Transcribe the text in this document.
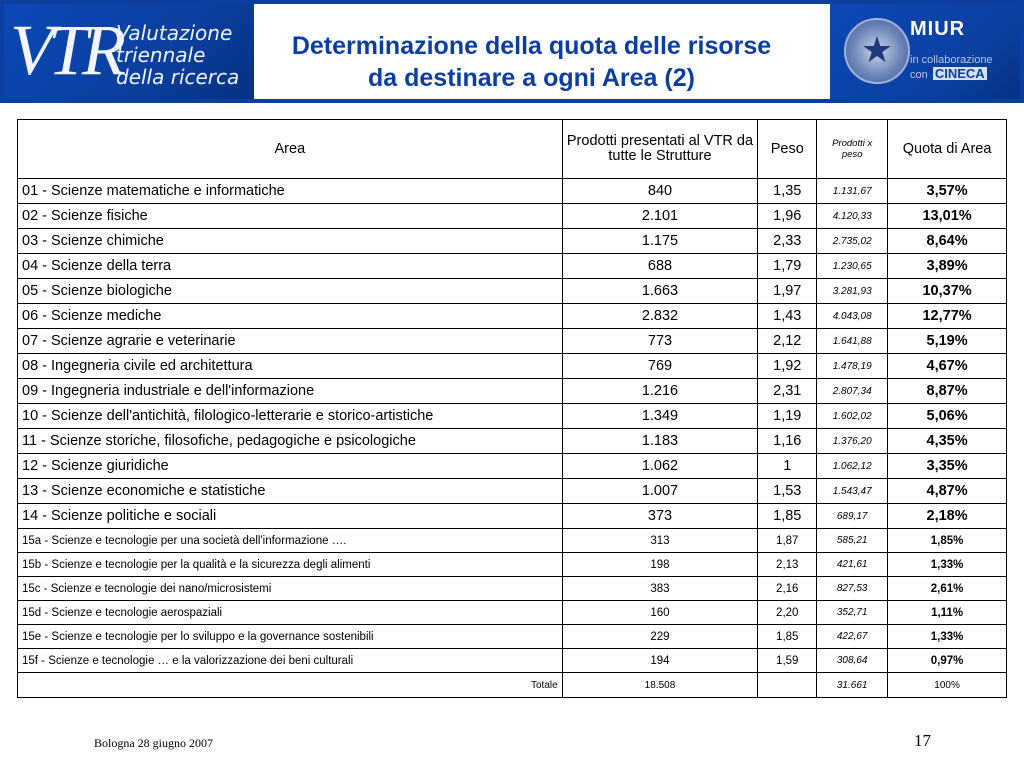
VTR
Valutazione
triennale
della ricerca
Determinazione della quota delle risorse
da destinare a ogni Area (2)
★ MIUR
in collaborazione
con CINECA
Area	Prodotti presentati al VTR da tutte le Strutture	Peso	Prodotti x peso	Quota di Area
01 - Scienze matematiche e informatiche	840	1,35	1.131,67	3,57%
02 - Scienze fisiche	2.101	1,96	4.120,33	13,01%
03 - Scienze chimiche	1.175	2,33	2.735,02	8,64%
04 - Scienze della terra	688	1,79	1.230,65	3,89%
05 - Scienze biologiche	1.663	1,97	3.281,93	10,37%
06 - Scienze mediche	2.832	1,43	4.043,08	12,77%
07 - Scienze agrarie e veterinarie	773	2,12	1.641,88	5,19%
08 - Ingegneria civile ed architettura	769	1,92	1.478,19	4,67%
09 - Ingegneria industriale e dell'informazione	1.216	2,31	2.807,34	8,87%
10 - Scienze dell'antichità, filologico-letterarie e storico-artistiche	1.349	1,19	1.602,02	5,06%
11 - Scienze storiche, filosofiche, pedagogiche e psicologiche	1.183	1,16	1.376,20	4,35%
12 - Scienze giuridiche	1.062	1	1.062,12	3,35%
13 - Scienze economiche e statistiche	1.007	1,53	1.543,47	4,87%
14 - Scienze politiche e sociali	373	1,85	689,17	2,18%
15a - Scienze e tecnologie per una società dell'informazione ….	313	1,87	585,21	1,85%
15b - Scienze e tecnologie per la qualità e la sicurezza degli alimenti	198	2,13	421,61	1,33%
15c - Scienze e tecnologie dei nano/microsistemi	383	2,16	827,53	2,61%
15d - Scienze e tecnologie aerospaziali	160	2,20	352,71	1,11%
15e - Scienze e tecnologie per lo sviluppo e la governance sostenibili	229	1,85	422,67	1,33%
15f - Scienze e tecnologie … e la valorizzazione dei beni culturali	194	1,59	308,64	0,97%
Totale	18.508		31.661	100%
Bologna 28 giugno 2007	17
